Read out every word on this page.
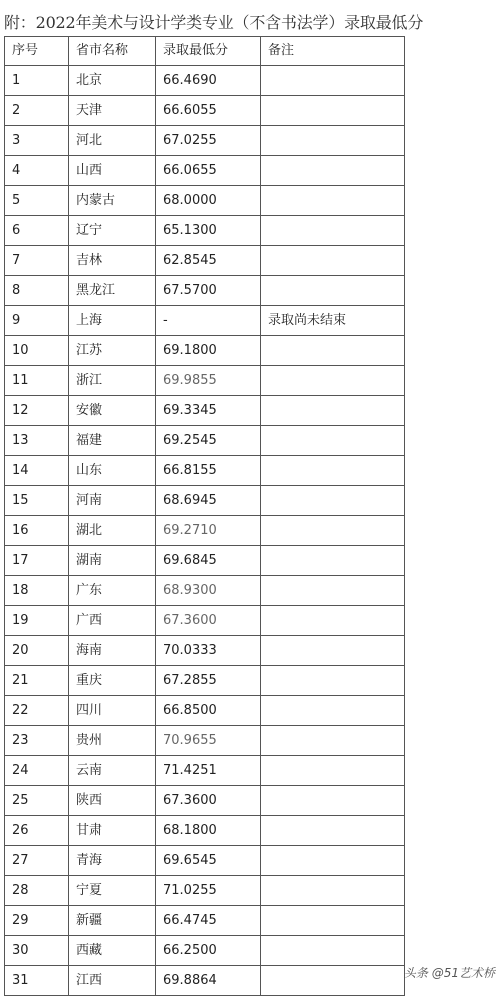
附：2022年美术与设计学类专业（不含书法学）录取最低分
序号	省市名称	录取最低分	备注
1	北京	66.4690	
2	天津	66.6055	
3	河北	67.0255	
4	山西	66.0655	
5	内蒙古	68.0000	
6	辽宁	65.1300	
7	吉林	62.8545	
8	黑龙江	67.5700	
9	上海	-	录取尚未结束
10	江苏	69.1800	
11	浙江	69.9855	
12	安徽	69.3345	
13	福建	69.2545	
14	山东	66.8155	
15	河南	68.6945	
16	湖北	69.2710	
17	湖南	69.6845	
18	广东	68.9300	
19	广西	67.3600	
20	海南	70.0333	
21	重庆	67.2855	
22	四川	66.8500	
23	贵州	70.9655	
24	云南	71.4251	
25	陕西	67.3600	
26	甘肃	68.1800	
27	青海	69.6545	
28	宁夏	71.0255	
29	新疆	66.4745	
30	西藏	66.2500	
31	江西	69.8864		头条 @51艺术桥
